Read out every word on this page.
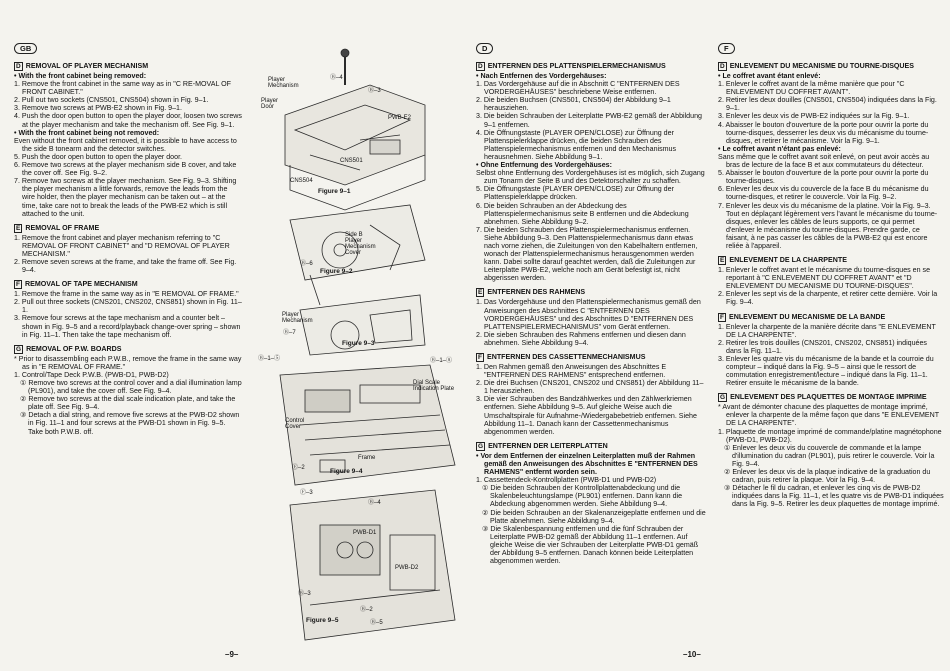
GB
D REMOVAL OF PLAYER MECHANISM

• With the front cabinet being removed:

1. Remove the front cabinet in the same way as in "C RE-MOVAL OF FRONT CABINET."

2. Pull out two sockets (CNS501, CNS504) shown in Fig. 9–1.

3. Remove two screws at PWB-E2 shown in Fig. 9–1.

4. Push the door open button to open the player door, loosen two screws at the player mechanism and take the mechanism off. See Fig. 9–1.

• With the front cabinet being not removed:

Even without the front cabinet removed, it is possible to have access to the side B tonearm and the detector switches.

5. Push the door open button to open the player door.

6. Remove two screws at the player mechanism side B cover, and take the cover off. See Fig. 9–2.

7. Remove two screws at the player mechanism. See Fig. 9–3. Shifting the player mechanism a little forwards, remove the leads from the wire holder, then the player mechanism can be taken out – at the time, take care not to break the leads of the PWB-E2 which is still attached to the unit.

E REMOVAL OF FRAME

1. Remove the front cabinet and player mechanism referring to "C REMOVAL OF FRONT CABINET" and "D REMOVAL OF PLAYER MECHANISM."

2. Remove seven screws at the frame, and take the frame off. See Fig. 9–4.

F REMOVAL OF TAPE MECHANISM

1. Remove the frame in the same way as in "E REMOVAL OF FRAME."

2. Pull out three sockets (CNS201, CNS202, CNS851) shown in Fig. 11–1.

3. Remove four screws at the tape mechanism and a counter belt – shown in Fig. 9–5 and a record/playback change-over spring – shown in Fig. 11–1. Then take the tape mechanism off.

G REMOVAL OF P.W. BOARDS

* Prior to disassembling each P.W.B., remove the frame in the same way as in "E REMOVAL OF FRAME."

1. Control/Tape Deck P.W.B. (PWB-D1, PWB-D2)

① Remove two screws at the control cover and a dial illumination lamp (PL901), and take the cover off. See Fig. 9–4.

② Remove two screws at the dial scale indication plate, and take the plate off. See Fig. 9–4.

③ Detach a dial string, and remove five screws at the PWB-D2 shown in Fig. 11–1 and four screws at the PWB-D1 shown in Fig. 9–5. Take both P.W.B. off.

Player Mechanism
Player Door
Ⓑ–4
Ⓑ–3
PWB-E2
CNS501
CNS504
Figure 9–1
Side B Player Mechanism Cover
Ⓑ–6
Figure 9–2
Player Mechanism
Ⓑ–7
Figure 9–3
Ⓑ–1–⑤	Ⓑ–1–⑧
Dial Scale Indication Plate
Control Cover
Frame
Ⓔ–2	Figure 9–4
Ⓕ–3
Ⓑ–4
PWB-D1
PWB-D2
Ⓑ–3
Ⓑ–2
Ⓑ–5
Figure 9–5
–9–
D
D ENTFERNEN DES PLATTENSPIELERMECHANISMUS

• Nach Entfernen des Vordergehäuses:

1. Das Vordergehäuse auf die in Abschnitt C "ENTFERNEN DES VORDERGEHÄUSES" beschriebene Weise entfernen.

2. Die beiden Buchsen (CNS501, CNS504) der Abbildung 9–1 herausziehen.

3. Die beiden Schrauben der Leiterplatte PWB-E2 gemäß der Abbildung 9–1 entfernen.

4. Die Öffnungstaste (PLAYER OPEN/CLOSE) zur Öffnung der Plattenspielerklappe drücken, die beiden Schrauben des Plattenspielermechanismus entfernen und den Mechanismus herausnehmen. Siehe Abbildung 9–1.

• Ohne Entfernung des Vordergehäuses:

Selbst ohne Entfernung des Vordergehäuses ist es möglich, sich Zugang zum Tonarm der Seite B und des Detektorschalter zu schaffen.

5. Die Öffnungstaste (PLAYER OPEN/CLOSE) zur Öffnung der Plattenspielerklappe drücken.

6. Die beiden Schrauben an der Abdeckung des Plattenspielermechanismus seite B entfernen und die Abdeckung abnehmen. Siehe Abbildung 9–2.

7. Die beiden Schrauben des Plattenspielermechanismus entfernen. Siehe Abbildung 9–3. Den Plattenspielermechanismus dann etwas nach vorne ziehen, die Zuleitungen von den Kabelhaltern entfernen, wonach der Plattenspielermechanismus herausgenommen werden kann. Dabei sollte darauf geachtet werden, daß die Zuleitungen zur Leiterplatte PWB-E2, welche noch am Gerät befestigt ist, nicht abgerissen werden.

E ENTFERNEN DES RAHMENS

1. Das Vordergehäuse und den Plattenspielermechanismus gemäß den Anweisungen des Abschnittes C "ENTFERNEN DES VORDERGEHÄUSES" und des Abschnittes D "ENTFERNEN DES PLATTENSPIELERMECHANISMUS" vom Gerät entfernen.

2. Die sieben Schrauben des Rahmens entfernen und diesen dann abnehmen. Siehe Abbildung 9–4.

F ENTFERNEN DES CASSETTENMECHANISMUS

1. Den Rahmen gemäß den Anweisungen des Abschnittes E "ENTFERNEN DES RAHMENS" entsprechend entfernen.

2. Die drei Buchsen (CNS201, CNS202 und CNS851) der Abbildung 11–1 herausziehen.

3. Die vier Schrauben des Bandzählwerkes und den Zählwerkriemen entfernen. Siehe Abbildung 9–5. Auf gleiche Weise auch die Umschaltspirale für Aufnahme-/Wiedergabebetrieb entfernen. Siehe Abbildung 11–1. Danach kann der Cassettenmechanismus abgenommen werden.

G ENTFERNEN DER LEITERPLATTEN

• Vor dem Entfernen der einzelnen Leiterplatten muß der Rahmen gemäß den Anweisungen des Abschnittes E "ENTFERNEN DES RAHMENS" entfernt worden sein.

1. Cassettendeck-Kontrollplatten (PWB-D1 und PWB-D2)

① Die beiden Schrauben der Kontrollplattenabdeckung und die Skalenbeleuchtungslampe (PL901) entfernen. Dann kann die Abdeckung abgenommen werden. Siehe Abbildung 9–4.

② Die beiden Schrauben an der Skalenanzeigeplatte entfernen und die Platte abnehmen. Siehe Abbildung 9–4.

③ Die Skalenbespannung entfernen und die fünf Schrauben der Leiterplatte PWB-D2 gemäß der Abbildung 11–1 entfernen. Auf gleiche Weise die vier Schrauben der Leiterplatte PWB-D1 gemäß der Abbildung 9–5 entfernen. Danach können beide Leiterplatten abgenommen werden.

F
D ENLEVEMENT DU MECANISME DU TOURNE-DISQUES

• Le coffret avant étant enlevé:

1. Enlever le coffret avant de la même manière que pour "C ENLEVEMENT DU COFFRET AVANT".

2. Retirer les deux douilles (CNS501, CNS504) indiquées dans la Fig. 9–1.

3. Enlever les deux vis de PWB-E2 indiquées sur la Fig. 9–1.

4. Abaisser le bouton d'ouverture de la porte pour ouvrir la porte du tourne-disques, desserrer les deux vis du mécanisme du tourne-disques, et retirer le mécanisme. Voir la Fig. 9–1.

• Le coffret avant n'étant pas enlevé:

Sans même que le coffret avant soit enlevé, on peut avoir accès au bras de lecture de la face B et aux commutateurs du détecteur.

5. Abaisser le bouton d'ouverture de la porte pour ouvrir la porte du tourne-disques.

6. Enlever les deux vis du couvercle de la face B du mécanisme du tourne-disques, et retirer le couvercle. Voir la Fig. 9–2.

7. Enlever les deux vis du mécanisme de la platine. Voir la Fig. 9–3. Tout en déplaçant légèrement vers l'avant le mécanisme du tourne-disques, enlever les câbles de leurs supports, ce qui permet d'enlever le mécanisme du tourne-disques. Prendre garde, ce faisant, à ne pas casser les câbles de la PWB-E2 qui est encore reliée à l'appareil.

E ENLEVEMENT DE LA CHARPENTE

1. Enlever le coffret avant et le mécanisme du tourne-disques en se reportant à "C ENLEVEMENT DU COFFRET AVANT" et "D ENLEVEMENT DU MECANISME DU TOURNE-DISQUES".

2. Enlever les sept vis de la charpente, et retirer cette dernière. Voir la Fig. 9–4.

F ENLEVEMENT DU MECANISME DE LA BANDE

1. Enlever la charpente de la manière décrite dans "E ENLEVEMENT DE LA CHARPENTE".

2. Retirer les trois douilles (CNS201, CNS202, CNS851) indiquées dans la Fig. 11–1.

3. Enlever les quatre vis du mécanisme de la bande et la courroie du compteur – indiqué dans la Fig. 9–5 – ainsi que le ressort de commutation enregistrement/lecture – indiqué dans la Fig. 11–1. Retirer ensuite le mécanisme de la bande.

G ENLEVEMENT DES PLAQUETTES DE MONTAGE IMPRIME

* Avant de démonter chacune des plaquettes de montage imprimé, enlever la charpente de la même façon que dans "E ENLEVEMENT DE LA CHARPENTE".

1. Plaquette de montage imprimé de commande/platine magnétophone (PWB-D1, PWB-D2).

① Enlever les deux vis du couvercle de commande et la lampe d'illumination du cadran (PL901), puis retirer le couvercle. Voir la Fig. 9–4.

② Enlever les deux vis de la plaque indicative de la graduation du cadran, puis retirer la plaque. Voir la Fig. 9–4.

③ Détacher le fil du cadran, et enlever les cinq vis de PWB-D2 indiquées dans la Fig. 11–1, et les quatre vis de PWB-D1 indiquées dans la Fig. 9–5. Retirer les deux plaquettes de montage imprimé.

–10–
